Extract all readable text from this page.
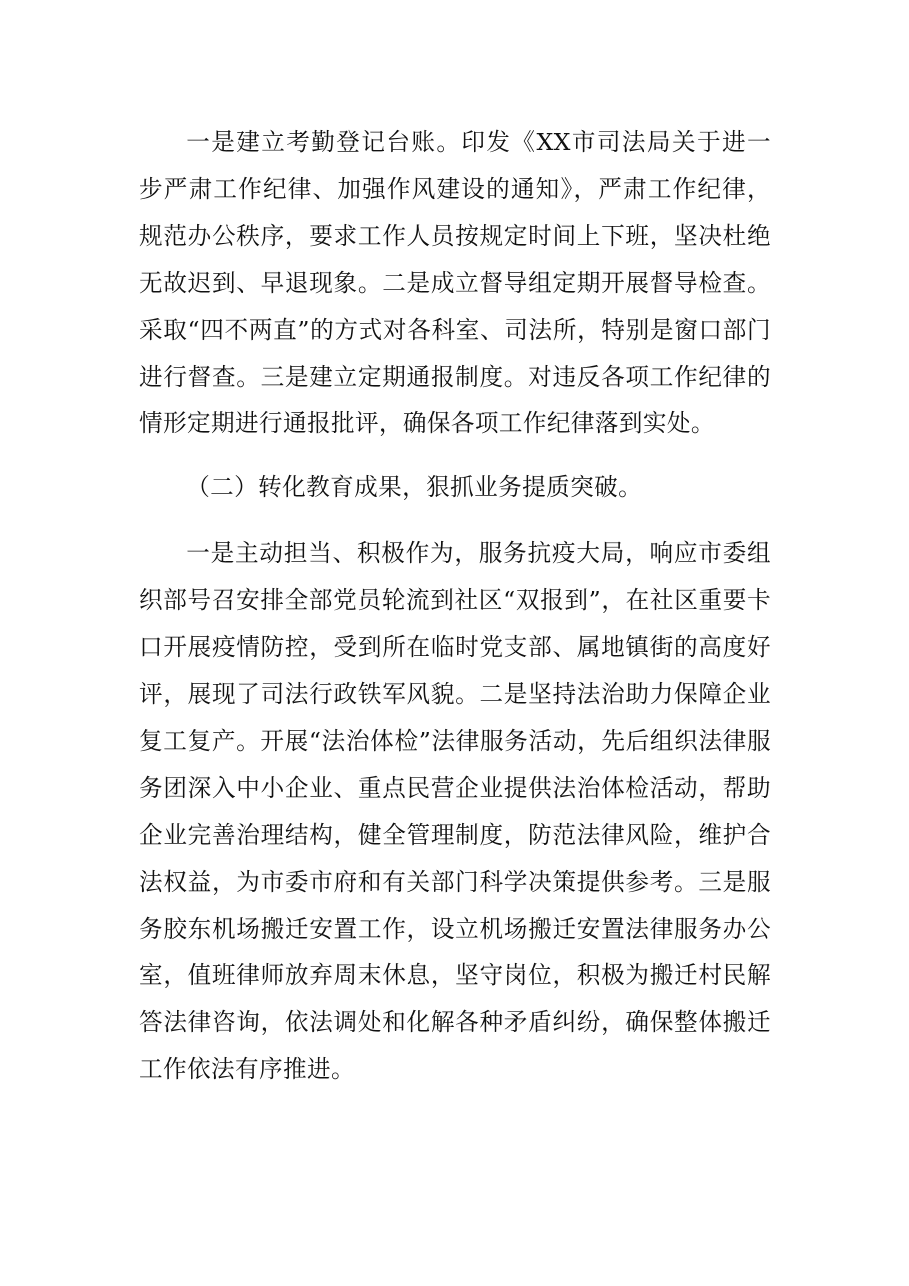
一是建立考勤登记台账。印发《XX市司法局关于进一步严肃工作纪律、加强作风建设的通知》，严肃工作纪律，规范办公秩序，要求工作人员按规定时间上下班，坚决杜绝无故迟到、早退现象。二是成立督导组定期开展督导检查。采取“四不两直”的方式对各科室、司法所，特别是窗口部门进行督查。三是建立定期通报制度。对违反各项工作纪律的情形定期进行通报批评，确保各项工作纪律落到实处。

（二）转化教育成果，狠抓业务提质突破。

一是主动担当、积极作为，服务抗疫大局，响应市委组织部号召安排全部党员轮流到社区“双报到”，在社区重要卡口开展疫情防控，受到所在临时党支部、属地镇街的高度好评，展现了司法行政铁军风貌。二是坚持法治助力保障企业复工复产。开展“法治体检”法律服务活动，先后组织法律服务团深入中小企业、重点民营企业提供法治体检活动，帮助企业完善治理结构，健全管理制度，防范法律风险，维护合法权益，为市委市府和有关部门科学决策提供参考。三是服务胶东机场搬迁安置工作，设立机场搬迁安置法律服务办公室，值班律师放弃周末休息，坚守岗位，积极为搬迁村民解答法律咨询，依法调处和化解各种矛盾纠纷，确保整体搬迁工作依法有序推进。
